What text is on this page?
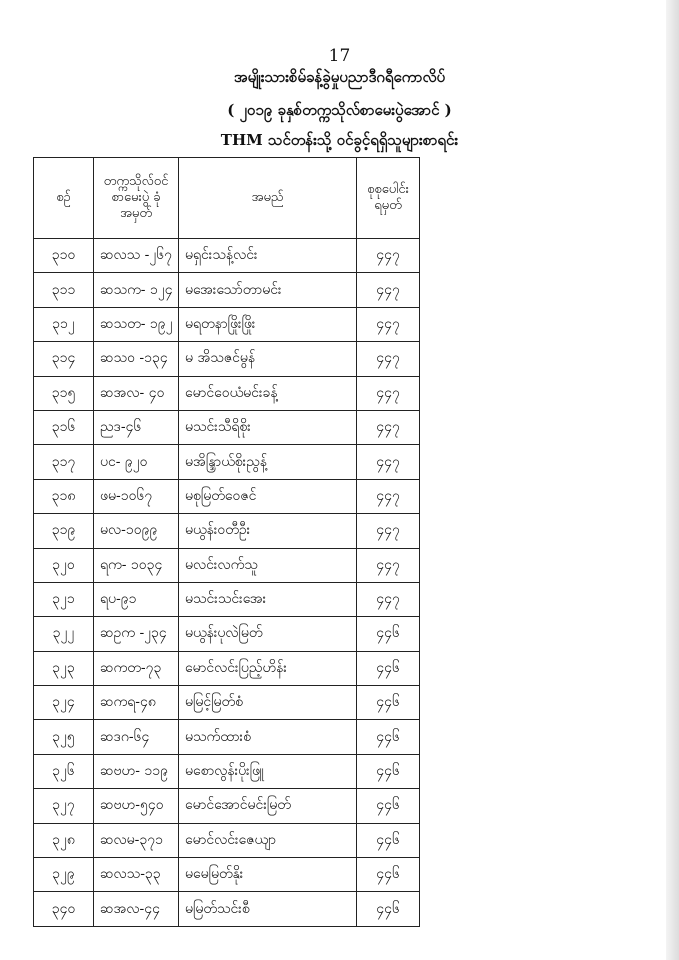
17
အမျိုးသားစိမ်ခန့်ခွဲမှုပညာဒီဂရီကောလိပ်
( ၂၀၁၉ ခုနှစ်တက္ကသိုလ်စာမေးပွဲအောင် )
THM သင်တန်းသို့ ဝင်ခွင့်ရရှိသူများစာရင်း
စဉ်	တက္ကသိုလ်ဝင် စာမေးပွဲ ခုံအမှတ်	အမည်	စုစုပေါင်း ရမှတ်
၃၁၀	ဆလသ -၂၆၇	မရှင်းသန့်လင်း	၄၄၇
၃၁၁	ဆသက- ၁၂၄	မအေးသော်တာမင်း	၄၄၇
၃၁၂	ဆသတ- ၁၉၂	မရတနာဖြိုးဖြိုး	၄၄၇
၃၁၄	ဆသ၀ -၁၃၄	မ အိသဇင်မွန်	၄၄၇
၃၁၅	ဆအလ- ၄၀	မောင်ဝေယံမင်းခန့်	၄၄၇
၃၁၆	ညဒ-၄၆	မသင်းသီရိစိုး	၄၄၇
၃၁၇	ပင- ၉၂၀	မအိန္ဒြာယ်စိုးညွန့်	၄၄၇
၃၁၈	ဖမ-၁၀၆၇	မစုမြတ်ဝေဇင်	၄၄၇
၃၁၉	မလ-၁၀၉၉	မယွန်းဝတီဦး	၄၄၇
၃၂၀	ရက- ၁၀၃၄	မလင်းလက်သူ	၄၄၇
၃၂၁	ရပ-၉၁	မသင်းသင်းအေး	၄၄၇
၃၂၂	ဆဥက -၂၃၄	မယွန်းပုလဲမြတ်	၄၄၆
၃၂၃	ဆကတ-၇၃	မောင်လင်းပြည့်ဟိန်း	၄၄၆
၃၂၄	ဆကရ-၄၈	မမြင့်မြတ်စံ	၄၄၆
၃၂၅	ဆဒဂ-၆၄	မသက်ထားစံ	၄၄၆
၃၂၆	ဆဗဟ- ၁၁၉	မစောလွန်းပိုးဖြူ	၄၄၆
၃၂၇	ဆဗဟ-၅၄၀	မောင်အောင်မင်းမြတ်	၄၄၆
၃၂၈	ဆလမ-၃၇၁	မောင်လင်းဇေယျာ	၄၄၆
၃၂၉	ဆလသ-၃၃	မမေမြတ်နိုး	၄၄၆
၃၄၀	ဆအလ-၄၄	မမြတ်သင်းစီ	၄၄၆
